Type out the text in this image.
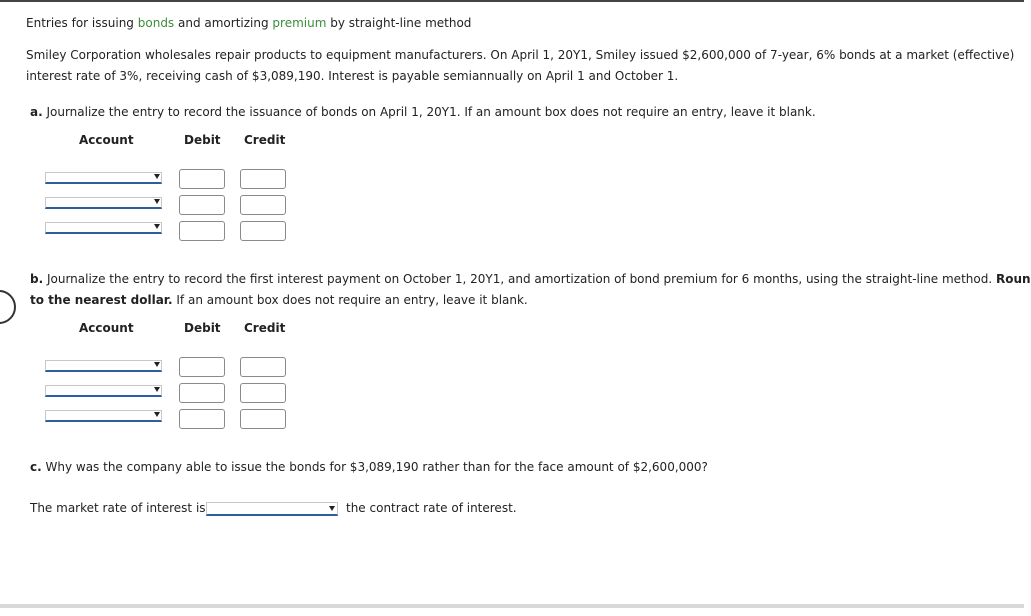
Entries for issuing bonds and amortizing premium by straight-line method
Smiley Corporation wholesales repair products to equipment manufacturers. On April 1, 20Y1, Smiley issued $2,600,000 of 7-year, 6% bonds at a market (effective)
interest rate of 3%, receiving cash of $3,089,190. Interest is payable semiannually on April 1 and October 1.
a. Journalize the entry to record the issuance of bonds on April 1, 20Y1. If an amount box does not require an entry, leave it blank.
Account	Debit Credit
b. Journalize the entry to record the first interest payment on October 1, 20Y1, and amortization of bond premium for 6 months, using the straight-line method. Roun
to the nearest dollar. If an amount box does not require an entry, leave it blank.
Account	Debit Credit
c. Why was the company able to issue the bonds for $3,089,190 rather than for the face amount of $2,600,000?
The market rate of interest is	the contract rate of interest.
